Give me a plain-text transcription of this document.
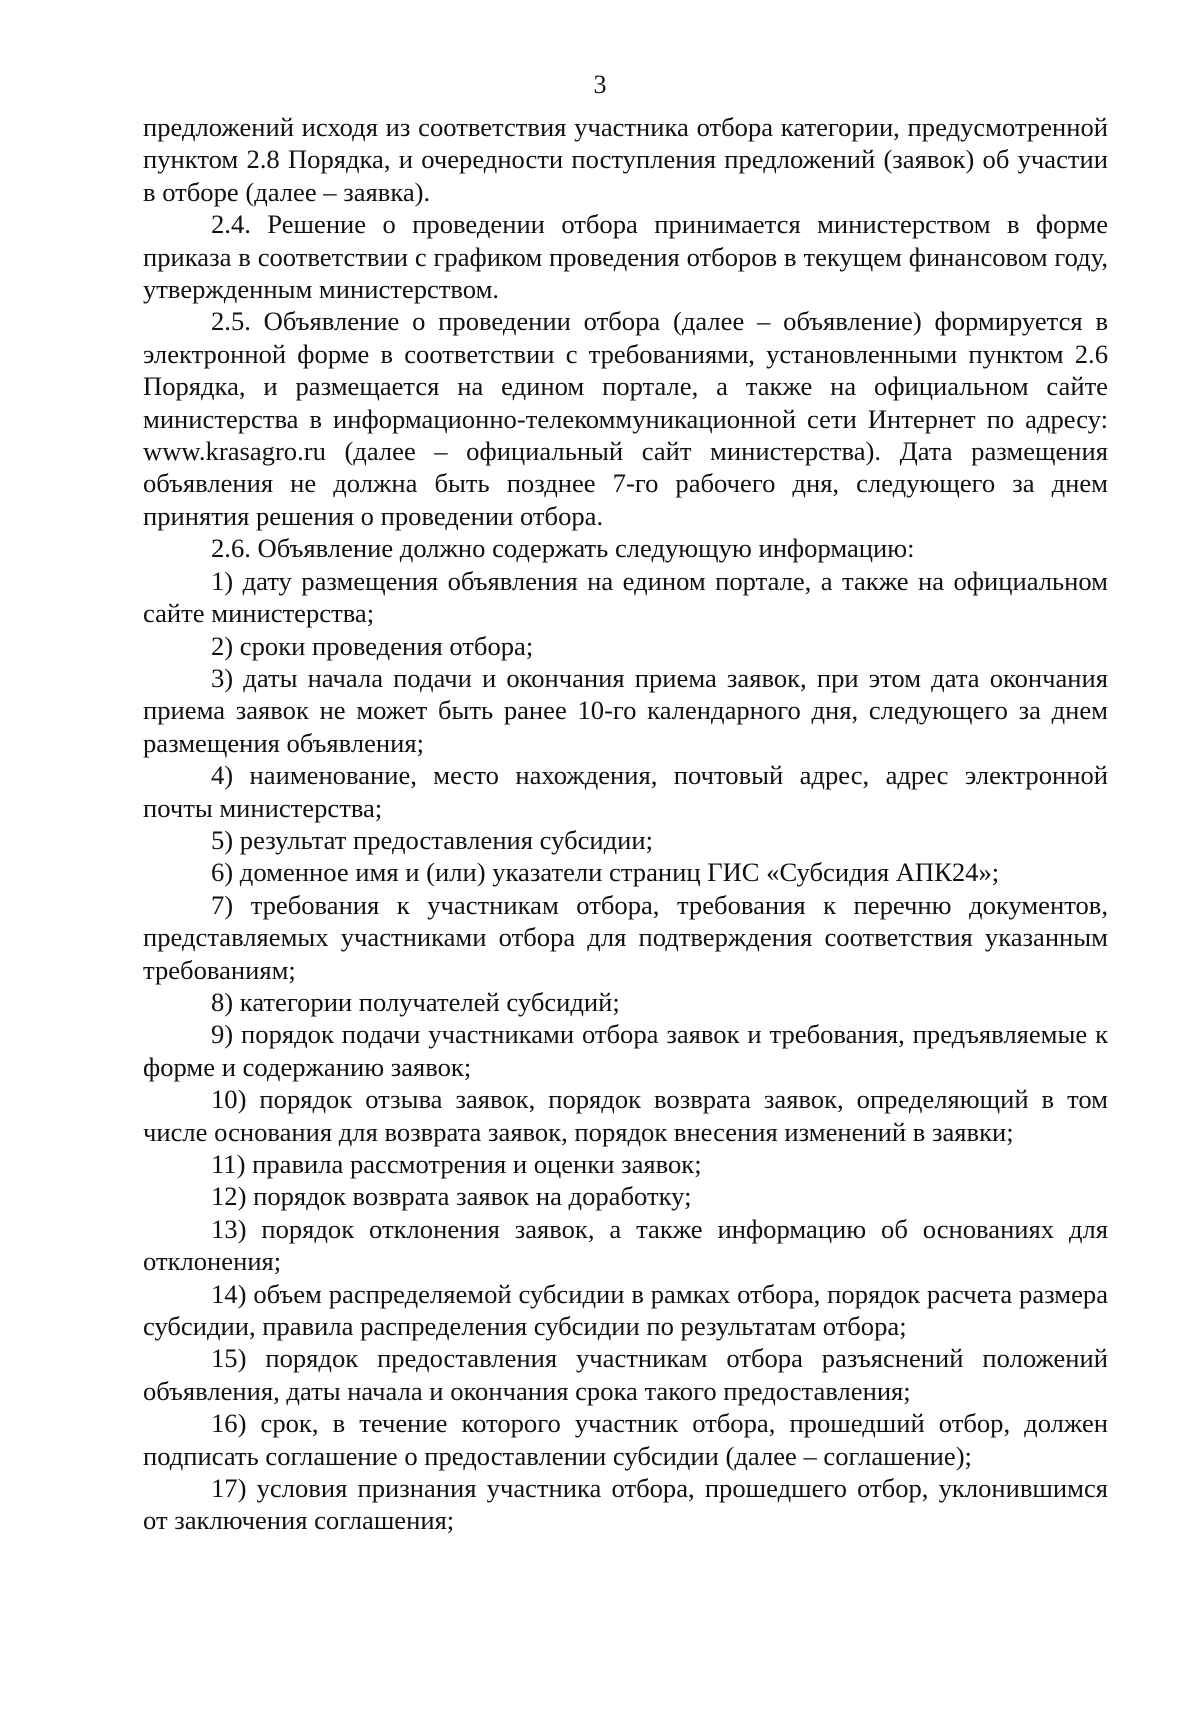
3

предложений исходя из соответствия участника отбора категории, предусмотренной пунктом 2.8 Порядка, и очередности поступления предложений (заявок) об участии в отборе (далее – заявка).

2.4. Решение о проведении отбора принимается министерством в форме приказа в соответствии с графиком проведения отборов в текущем финансовом году, утвержденным министерством.

2.5. Объявление о проведении отбора (далее – объявление) формируется в электронной форме в соответствии с требованиями, установленными пунктом 2.6 Порядка, и размещается на едином портале, а также на официальном сайте министерства в информационно-телекоммуникационной сети Интернет по адресу: www.krasagro.ru (далее – официальный сайт министерства). Дата размещения объявления не должна быть позднее 7-го рабочего дня, следующего за днем принятия решения о проведении отбора.

2.6. Объявление должно содержать следующую информацию:

1) дату размещения объявления на едином портале, а также на официальном сайте министерства;

2) сроки проведения отбора;

3) даты начала подачи и окончания приема заявок, при этом дата окончания приема заявок не может быть ранее 10-го календарного дня, следующего за днем размещения объявления;

4) наименование, место нахождения, почтовый адрес, адрес электронной почты министерства;

5) результат предоставления субсидии;

6) доменное имя и (или) указатели страниц ГИС «Субсидия АПК24»;

7) требования к участникам отбора, требования к перечню документов, представляемых участниками отбора для подтверждения соответствия указанным требованиям;

8) категории получателей субсидий;

9) порядок подачи участниками отбора заявок и требования, предъявляемые к форме и содержанию заявок;

10) порядок отзыва заявок, порядок возврата заявок, определяющий в том числе основания для возврата заявок, порядок внесения изменений в заявки;

11) правила рассмотрения и оценки заявок;

12) порядок возврата заявок на доработку;

13) порядок отклонения заявок, а также информацию об основаниях для отклонения;

14) объем распределяемой субсидии в рамках отбора, порядок расчета размера субсидии, правила распределения субсидии по результатам отбора;

15) порядок предоставления участникам отбора разъяснений положений объявления, даты начала и окончания срока такого предоставления;

16) срок, в течение которого участник отбора, прошедший отбор, должен подписать соглашение о предоставлении субсидии (далее – соглашение);

17) условия признания участника отбора, прошедшего отбор, уклонившимся от заключения соглашения;
